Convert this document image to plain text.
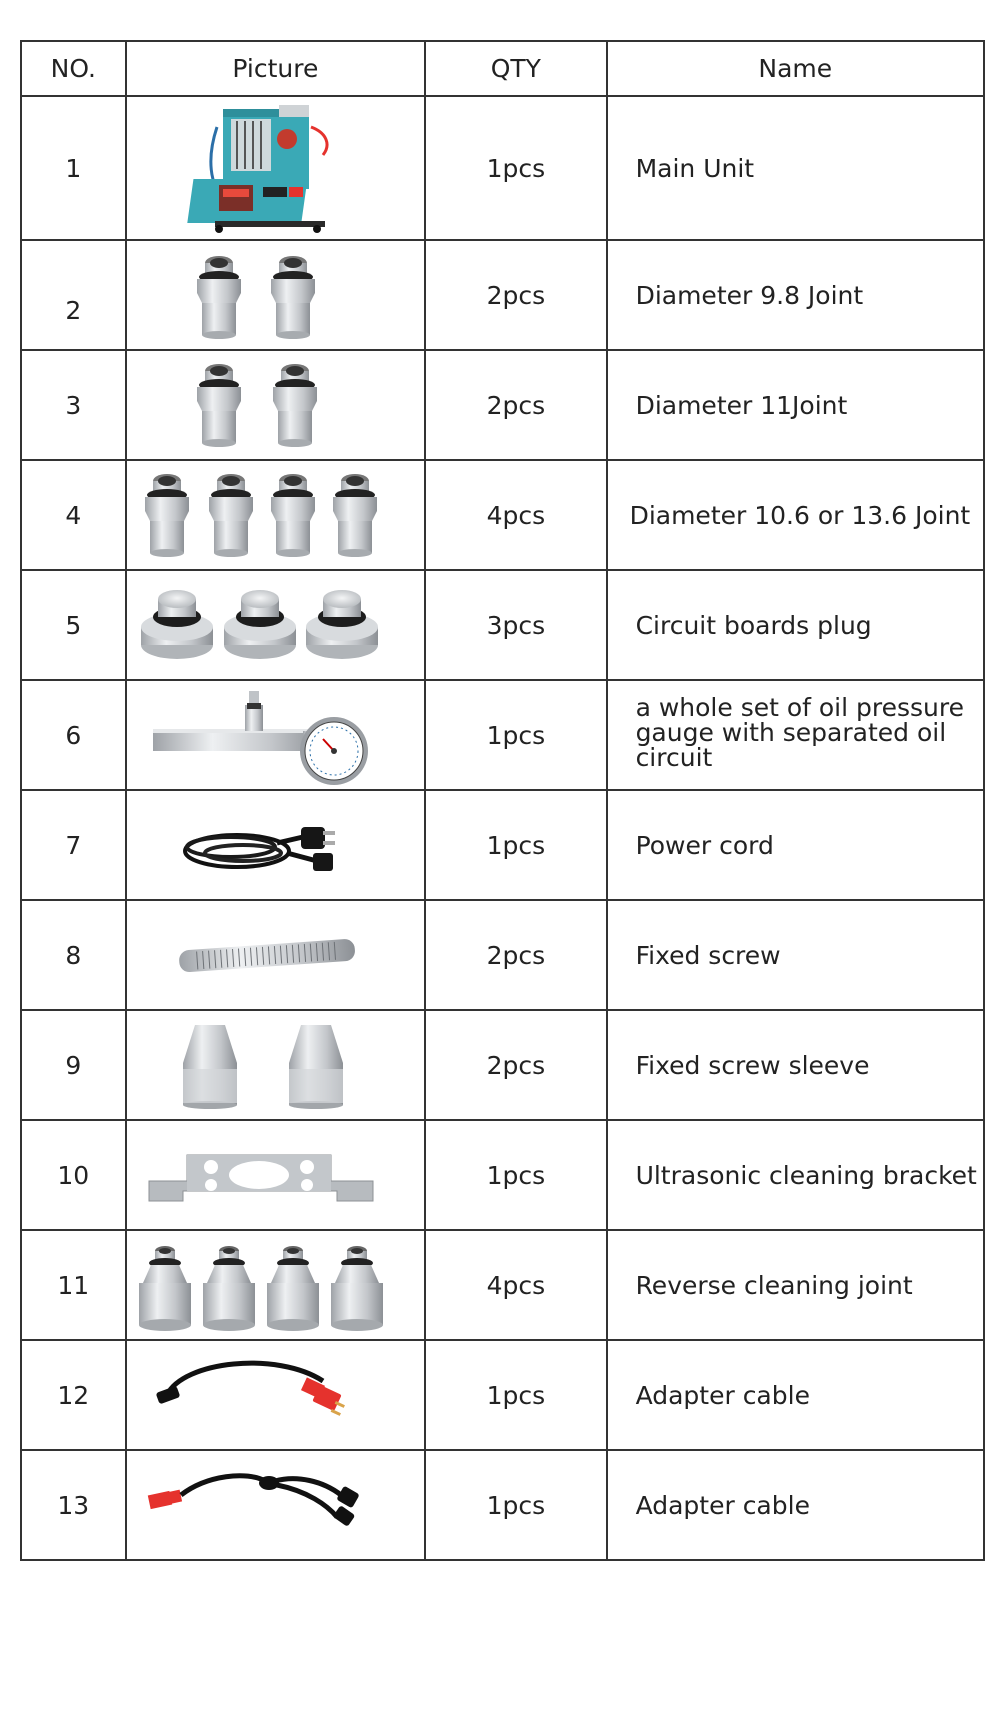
NO.	Picture	QTY	Name
1		1pcs	Main Unit
2		2pcs	Diameter 9.8 Joint
3		2pcs	Diameter 11Joint
4		4pcs	Diameter 10.6 or 13.6 Joint
5		3pcs	Circuit boards plug
6		1pcs	a whole set of oil pressure gauge with separated oil circuit
7		1pcs	Power cord
8		2pcs	Fixed screw
9		2pcs	Fixed screw sleeve
10		1pcs	Ultrasonic cleaning bracket
11		4pcs	Reverse cleaning joint
12		1pcs	Adapter cable
13		1pcs	Adapter cable
